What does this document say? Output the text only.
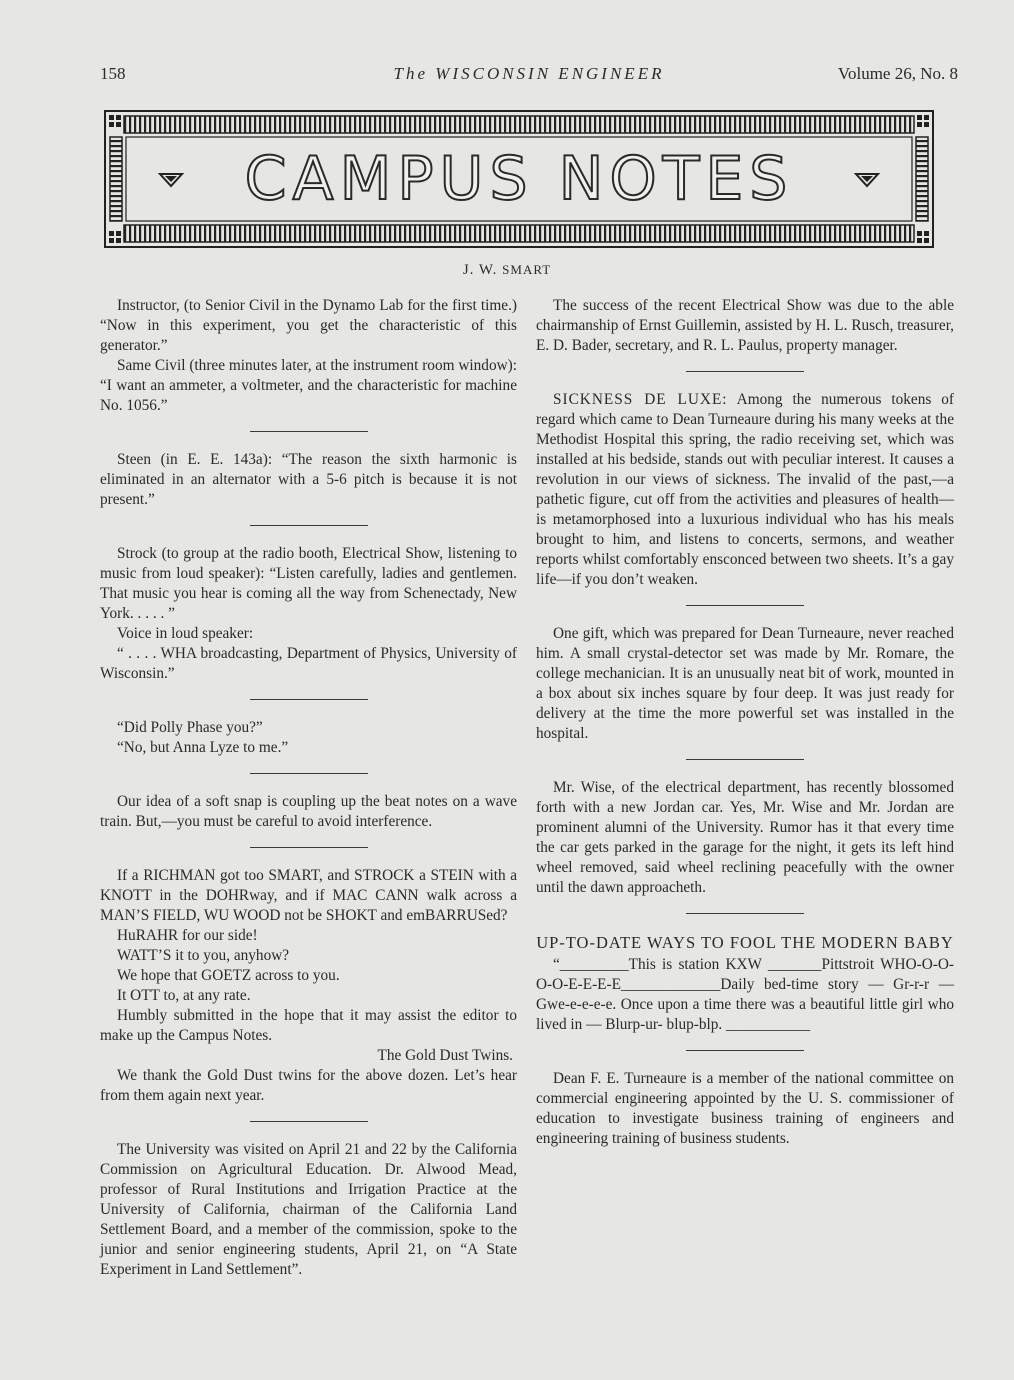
158	The WISCONSIN ENGINEER	Volume 26, No. 8
CAMPUS NOTES
J. W. SMART

Instructor, (to Senior Civil in the Dynamo Lab for the first time.) “Now in this experiment, you get the characteristic of this generator.”

Same Civil (three minutes later, at the instrument room window): “I want an ammeter, a voltmeter, and the characteristic for machine No. 1056.”

Steen (in E. E. 143a): “The reason the sixth harmonic is eliminated in an alternator with a 5-6 pitch is because it is not present.”

Strock (to group at the radio booth, Electrical Show, listening to music from loud speaker): “Listen carefully, ladies and gentlemen. That music you hear is coming all the way from Schenectady, New York. . . . . ”

Voice in loud speaker:

“ . . . . WHA broadcasting, Department of Physics, University of Wisconsin.”

“Did Polly Phase you?”

“No, but Anna Lyze to me.”

Our idea of a soft snap is coupling up the beat notes on a wave train. But,—you must be careful to avoid interference.

If a RICHMAN got too SMART, and STROCK a STEIN with a KNOTT in the DOHRway, and if MAC CANN walk across a MAN’S FIELD, WU WOOD not be SHOKT and emBARRUSed?

HuRAHR for our side!

WATT’S it to you, anyhow?

We hope that GOETZ across to you.

It OTT to, at any rate.

Humbly submitted in the hope that it may assist the editor to make up the Campus Notes.

The Gold Dust Twins.

We thank the Gold Dust twins for the above dozen. Let’s hear from them again next year.

The University was visited on April 21 and 22 by the California Commission on Agricultural Education. Dr. Alwood Mead, professor of Rural Institutions and Irrigation Practice at the University of California, chairman of the California Land Settlement Board, and a member of the commission, spoke to the junior and senior engineering students, April 21, on “A State Experiment in Land Settlement”.

The success of the recent Electrical Show was due to the able chairmanship of Ernst Guillemin, assisted by H. L. Rusch, treasurer, E. D. Bader, secretary, and R. L. Paulus, property manager.

SICKNESS DE LUXE: Among the numerous tokens of regard which came to Dean Turneaure during his many weeks at the Methodist Hospital this spring, the radio receiving set, which was installed at his bedside, stands out with peculiar interest. It causes a revolution in our views of sickness. The invalid of the past,—a pathetic figure, cut off from the activities and pleasures of health—is metamorphosed into a luxurious individual who has his meals brought to him, and listens to concerts, sermons, and weather reports whilst comfortably ensconced between two sheets. It’s a gay life—if you don’t weaken.

One gift, which was prepared for Dean Turneaure, never reached him. A small crystal-detector set was made by Mr. Romare, the college mechanician. It is an unusually neat bit of work, mounted in a box about six inches square by four deep. It was just ready for delivery at the time the more powerful set was installed in the hospital.

Mr. Wise, of the electrical department, has recently blossomed forth with a new Jordan car. Yes, Mr. Wise and Mr. Jordan are prominent alumni of the University. Rumor has it that every time the car gets parked in the garage for the night, it gets its left hind wheel removed, said wheel reclining peacefully with the owner until the dawn approacheth.

UP-TO-DATE WAYS TO FOOL THE MODERN BABY

“_________This is station KXW _______Pittstroit WHO-O-O-O-O-E-E-E-E_____________Daily bed-time story — Gr-r-r — Gwe-e-e-e-e. Once upon a time there was a beautiful little girl who lived in — Blurp-ur- blup-blp. ___________

Dean F. E. Turneaure is a member of the national committee on commercial engineering appointed by the U. S. commissioner of education to investigate business training of engineers and engineering training of business students.
